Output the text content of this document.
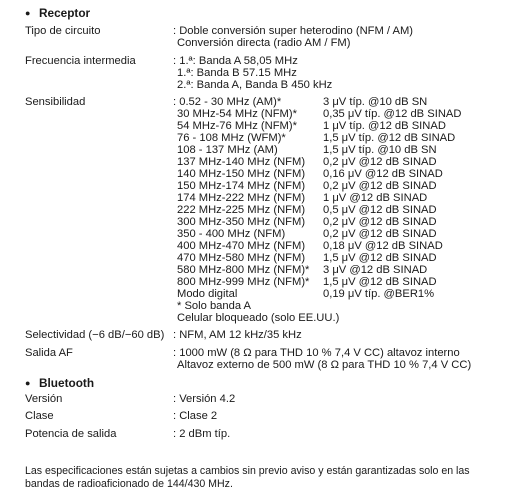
● Receptor
Tipo de circuito	: Doble conversión super heterodino (NFM / AM)
Conversión directa (radio AM / FM)
Frecuencia intermedia	: 1.ª: Banda A 58,05 MHz
1.ª: Banda B 57.15 MHz
2.ª: Banda A, Banda B 450 kHz
Sensibilidad	: 0.52 - 30 MHz (AM)*	3 μV típ. @10 dB SN
30 MHz-54 MHz (NFM)* 0,35 μV típ. @12 dB SINAD
54 MHz-76 MHz (NFM)* 1 μV típ. @12 dB SINAD
76 - 108 MHz (WFM)*	1,5 μV típ. @12 dB SINAD
108 - 137 MHz (AM)	1,5 μV típ. @10 dB SN
137 MHz-140 MHz (NFM) 0,2 μV @12 dB SINAD
140 MHz-150 MHz (NFM) 0,16 μV @12 dB SINAD
150 MHz-174 MHz (NFM) 0,2 μV @12 dB SINAD
174 MHz-222 MHz (NFM) 1 μV @12 dB SINAD
222 MHz-225 MHz (NFM) 0,5 μV @12 dB SINAD
300 MHz-350 MHz (NFM) 0,2 μV @12 dB SINAD
350 - 400 MHz (NFM)	0,2 μV @12 dB SINAD
400 MHz-470 MHz (NFM) 0,18 μV @12 dB SINAD
470 MHz-580 MHz (NFM) 1,5 μV @12 dB SINAD
580 MHz-800 MHz (NFM)* 3 μV @12 dB SINAD
800 MHz-999 MHz (NFM)* 1,5 μV @12 dB SINAD
Modo digital	0,19 μV típ. @BER1%
* Solo banda A
Celular bloqueado (solo EE.UU.)
Selectividad (−6 dB/−60 dB) : NFM, AM 12 kHz/35 kHz
Salida AF	: 1000 mW (8 Ω para THD 10 % 7,4 V CC) altavoz interno
Altavoz externo de 500 mW (8 Ω para THD 10 % 7,4 V CC)
● Bluetooth
Versión	: Versión 4.2
Clase	: Clase 2
Potencia de salida	: 2 dBm típ.
Las especificaciones están sujetas a cambios sin previo aviso y están garantizadas solo en las bandas de radioaficionado de 144/430 MHz.
